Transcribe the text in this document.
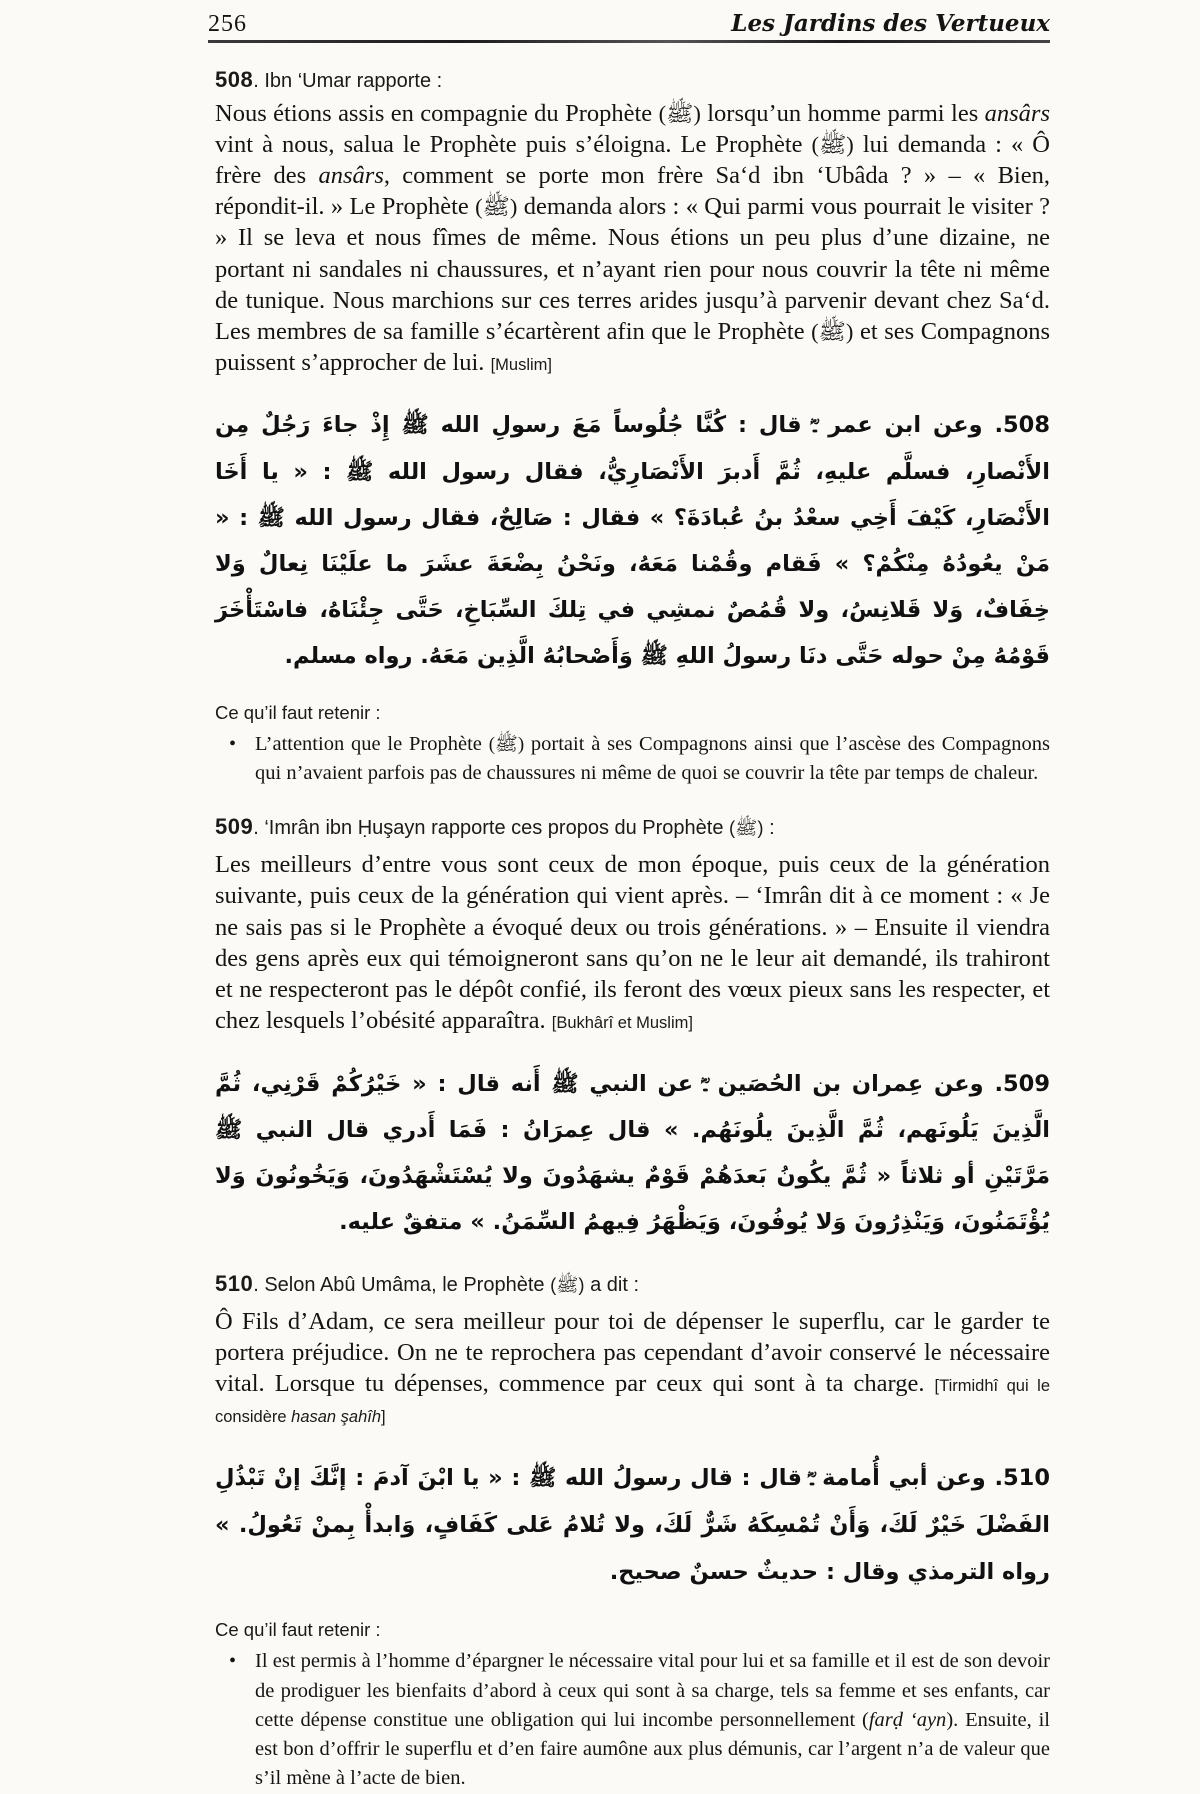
256	Les Jardins des Vertueux
508. Ibn ‘Umar rapporte :

Nous étions assis en compagnie du Prophète (ﷺ) lorsqu’un homme parmi les ansârs vint à nous, salua le Prophète puis s’éloigna. Le Prophète (ﷺ) lui demanda : « Ô frère des ansârs, comment se porte mon frère Sa‘d ibn ‘Ubâda ? » – « Bien, répondit-il. » Le Prophète (ﷺ) demanda alors : « Qui parmi vous pourrait le visiter ? » Il se leva et nous fîmes de même. Nous étions un peu plus d’une dizaine, ne portant ni sandales ni chaussures, et n’ayant rien pour nous couvrir la tête ni même de tunique. Nous marchions sur ces terres arides jusqu’à parvenir devant chez Sa‘d. Les membres de sa famille s’écartèrent afin que le Prophète (ﷺ) et ses Compagnons puissent s’approcher de lui. [Muslim]

508. وعن ابن عمر ـؓ قال : كُنَّا جُلُوساً مَعَ رسولِ الله ﷺ إِذْ جاءَ رَجُلٌ مِن الأَنْصارِ، فسلَّم عليهِ، ثُمَّ أَدبرَ الأَنْصَارِيُّ، فقال رسول الله ﷺ : « يا أَخَا الأَنْصَارِ، كَيْفَ أَخِي سعْدُ بنُ عُبادَةَ؟ » فقال : صَالِحٌ، فقال رسول الله ﷺ : « مَنْ يعُودُهُ مِنْكُمْ؟ » فَقام وقُمْنا مَعَهُ، ونَحْنُ بِضْعَةَ عشَرَ ما علَيْنَا نِعالٌ وَلا خِفَافٌ، وَلا قَلانِسُ، ولا قُمُصٌ نمشِي في تِلكَ السِّبَاخِ، حَتَّى جِئْنَاهُ، فاسْتَأْخَرَ قَوْمُهُ مِنْ حوله حَتَّى دنَا رسولُ اللهِ ﷺ وَأَصْحابُهُ الَّذِين مَعَهُ. رواه مسلم.

Ce qu’il faut retenir :
• L’attention que le Prophète (ﷺ) portait à ses Compagnons ainsi que l’ascèse des Compagnons qui n’avaient parfois pas de chaussures ni même de quoi se couvrir la tête par temps de chaleur.
509. ‘Imrân ibn Ḥuşayn rapporte ces propos du Prophète (ﷺ) :

Les meilleurs d’entre vous sont ceux de mon époque, puis ceux de la génération suivante, puis ceux de la génération qui vient après. – ‘Imrân dit à ce moment : « Je ne sais pas si le Prophète a évoqué deux ou trois générations. » – Ensuite il viendra des gens après eux qui témoigneront sans qu’on ne le leur ait demandé, ils trahiront et ne respecteront pas le dépôt confié, ils feront des vœux pieux sans les respecter, et chez lesquels l’obésité apparaîtra. [Bukhârî et Muslim]

509. وعن عِمران بن الحُصَين ـؓ عن النبي ﷺ أَنه قال : « خَيْرُكُمْ قَرْنِي، ثُمَّ الَّذِينَ يَلُونَهم، ثُمَّ الَّذِينَ يلُونَهُم. » قال عِمرَانُ : فَمَا أَدري قال النبي ﷺ مَرَّتَيْنِ أو ثلاثاً « ثُمَّ يكُونُ بَعدَهُمْ قَوْمٌ يشهَدُونَ ولا يُسْتَشْهَدُونَ، وَيَخُونُونَ وَلا يُؤْتَمَنُونَ، وَيَنْذِرُونَ وَلا يُوفُونَ، وَيَظْهَرُ فِيهمُ السِّمَنُ. » متفقٌ عليه.

510. Selon Abû Umâma, le Prophète (ﷺ) a dit :

Ô Fils d’Adam, ce sera meilleur pour toi de dépenser le superflu, car le garder te portera préjudice. On ne te reprochera pas cependant d’avoir conservé le nécessaire vital. Lorsque tu dépenses, commence par ceux qui sont à ta charge. [Tirmidhî qui le considère hasan şahîh]

510. وعن أبي أُمامة ـؓ قال : قال رسولُ الله ﷺ : « يا ابْنَ آدمَ : إنَّكَ إنْ تَبْذُلِ الفَضْلَ خَيْرٌ لَكَ، وَأَنْ تُمْسِكَهُ شَرٌّ لَكَ، ولا تُلامُ عَلى كَفَافٍ، وَابدأْ بِمنْ تَعُولُ. » رواه الترمذي وقال : حديثٌ حسنٌ صحيح.

Ce qu’il faut retenir :
• Il est permis à l’homme d’épargner le nécessaire vital pour lui et sa famille et il est de son devoir de prodiguer les bienfaits d’abord à ceux qui sont à sa charge, tels sa femme et ses enfants, car cette dépense constitue une obligation qui lui incombe personnellement (farḍ ‘ayn). Ensuite, il est bon d’offrir le superflu et d’en faire aumône aux plus démunis, car l’argent n’a de valeur que s’il mène à l’acte de bien.
